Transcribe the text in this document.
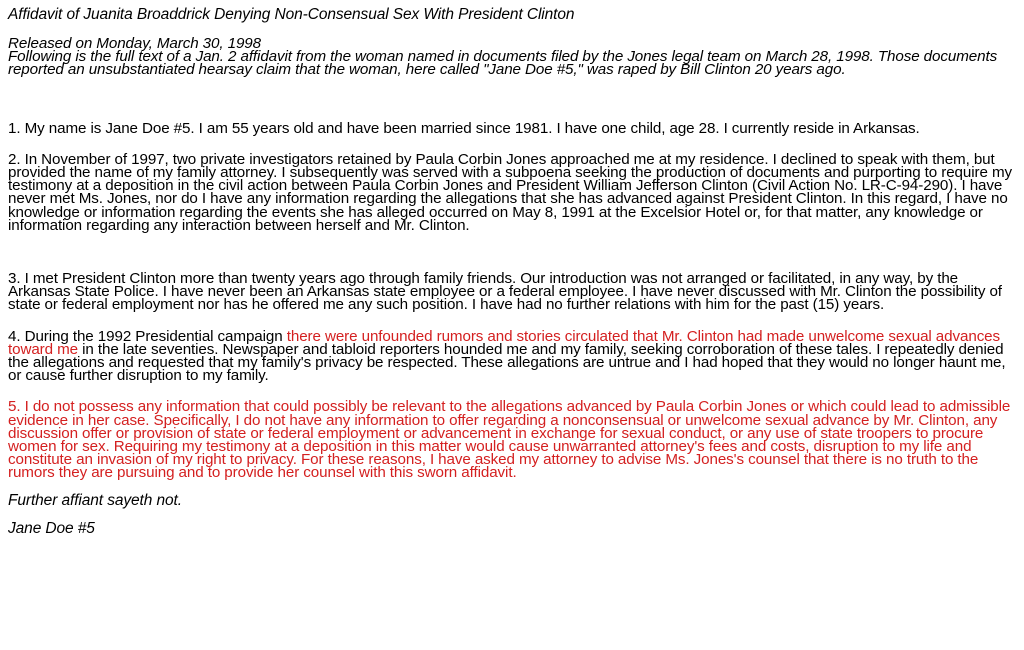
Affidavit of Juanita Broaddrick Denying Non-Consensual Sex With President Clinton
Released on Monday, March 30, 1998
Following is the full text of a Jan. 2 affidavit from the woman named in documents filed by the Jones legal team on March 28, 1998. Those documents reported an unsubstantiated hearsay claim that the woman, here called "Jane Doe #5," was raped by Bill Clinton 20 years ago.

1. My name is Jane Doe #5. I am 55 years old and have been married since 1981. I have one child, age 28. I currently reside in Arkansas.

2. In November of 1997, two private investigators retained by Paula Corbin Jones approached me at my residence. I declined to speak with them, but provided the name of my family attorney. I subsequently was served with a subpoena seeking the production of documents and purporting to require my testimony at a deposition in the civil action between Paula Corbin Jones and President William Jefferson Clinton (Civil Action No. LR-C-94-290). I have never met Ms. Jones, nor do I have any information regarding the allegations that she has advanced against President Clinton. In this regard, I have no knowledge or information regarding the events she has alleged occurred on May 8, 1991 at the Excelsior Hotel or, for that matter, any knowledge or information regarding any interaction between herself and Mr. Clinton.

3. I met President Clinton more than twenty years ago through family friends. Our introduction was not arranged or facilitated, in any way, by the Arkansas State Police. I have never been an Arkansas state employee or a federal employee. I have never discussed with Mr. Clinton the possibility of state or federal employment nor has he offered me any such position. I have had no further relations with him for the past (15) years.

4. During the 1992 Presidential campaign there were unfounded rumors and stories circulated that Mr. Clinton had made unwelcome sexual advances toward me in the late seventies. Newspaper and tabloid reporters hounded me and my family, seeking corroboration of these tales. I repeatedly denied the allegations and requested that my family's privacy be respected. These allegations are untrue and I had hoped that they would no longer haunt me, or cause further disruption to my family.

5. I do not possess any information that could possibly be relevant to the allegations advanced by Paula Corbin Jones or which could lead to admissible evidence in her case. Specifically, I do not have any information to offer regarding a nonconsensual or unwelcome sexual advance by Mr. Clinton, any discussion offer or provision of state or federal employment or advancement in exchange for sexual conduct, or any use of state troopers to procure women for sex. Requiring my testimony at a deposition in this matter would cause unwarranted attorney's fees and costs, disruption to my life and constitute an invasion of my right to privacy. For these reasons, I have asked my attorney to advise Ms. Jones's counsel that there is no truth to the rumors they are pursuing and to provide her counsel with this sworn affidavit.

Further affiant sayeth not.
Jane Doe #5
